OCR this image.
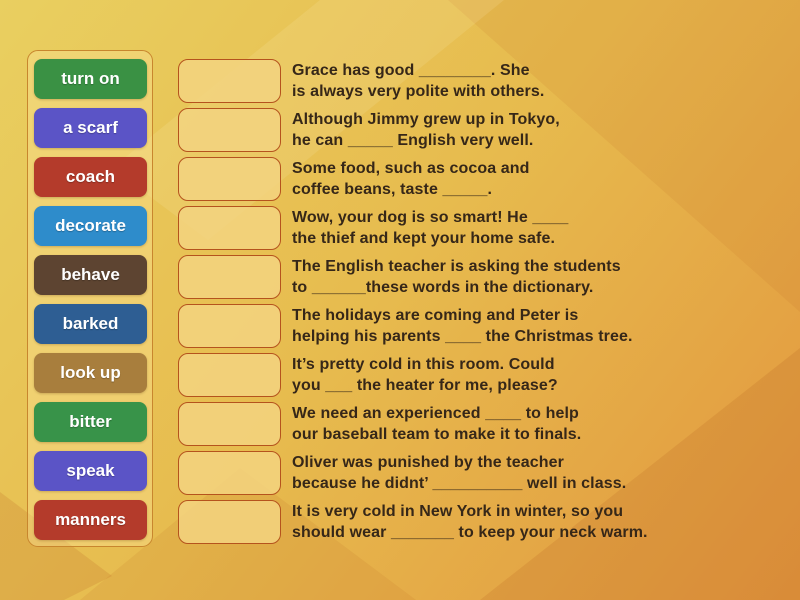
turn on
a scarf
coach
decorate
behave
barked
look up
bitter
speak
manners
Grace has good ________. She
is always very polite with others.
Although Jimmy grew up in Tokyo,
he can _____ English very well.
Some food, such as cocoa and
coffee beans, taste _____.
Wow, your dog is so smart! He ____
the thief and kept your home safe.
The English teacher is asking the students
to ______these words in the dictionary.
The holidays are coming and Peter is
helping his parents ____ the Christmas tree.
It’s pretty cold in this room. Could
you ___ the heater for me, please?
We need an experienced ____ to help
our baseball team to make it to finals.
Oliver was punished by the teacher
because he didnt’ __________ well in class.
It is very cold in New York in winter, so you
should wear _______ to keep your neck warm.
